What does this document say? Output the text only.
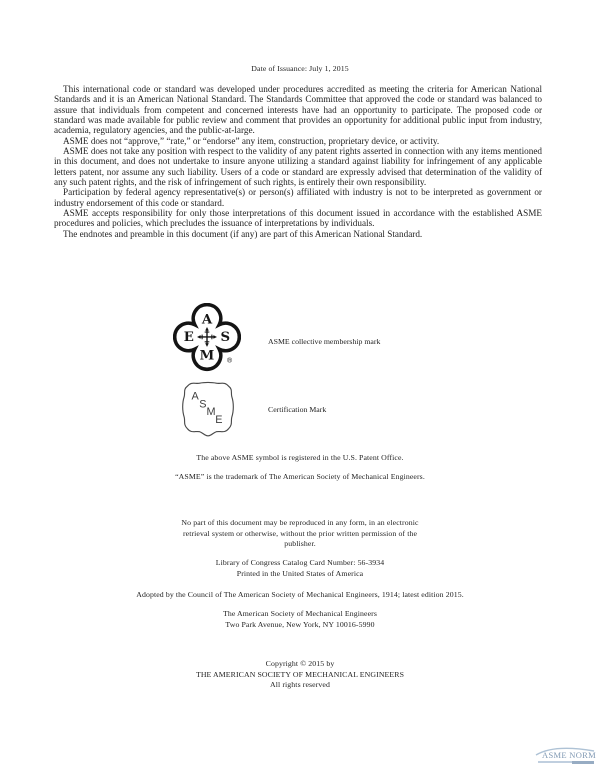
Date of Issuance: July 1, 2015

This international code or standard was developed under procedures accredited as meeting the criteria for American National Standards and it is an American National Standard. The Standards Committee that approved the code or standard was balanced to assure that individuals from competent and concerned interests have had an opportunity to participate. The proposed code or standard was made available for public review and comment that provides an opportunity for additional public input from industry, academia, regulatory agencies, and the public-at-large.

ASME does not “approve,” “rate,” or “endorse” any item, construction, proprietary device, or activity.

ASME does not take any position with respect to the validity of any patent rights asserted in connection with any items mentioned in this document, and does not undertake to insure anyone utilizing a standard against liability for infringement of any applicable letters patent, nor assume any such liability. Users of a code or standard are expressly advised that determination of the validity of any such patent rights, and the risk of infringement of such rights, is entirely their own responsibility.

Participation by federal agency representative(s) or person(s) affiliated with industry is not to be interpreted as government or industry endorsement of this code or standard.

ASME accepts responsibility for only those interpretations of this document issued in accordance with the established ASME procedures and policies, which precludes the issuance of interpretations by individuals.

The endnotes and preamble in this document (if any) are part of this American National Standard.

A
E S
M ®
ASME collective membership mark
A
S
M
E
Certification Mark
The above ASME symbol is registered in the U.S. Patent Office.
“ASME” is the trademark of The American Society of Mechanical Engineers.
No part of this document may be reproduced in any form, in an electronic
retrieval system or otherwise, without the prior written permission of the
publisher.
Library of Congress Catalog Card Number: 56-3934
Printed in the United States of America
Adopted by the Council of The American Society of Mechanical Engineers, 1914; latest edition 2015.
The American Society of Mechanical Engineers
Two Park Avenue, New York, NY 10016-5990
Copyright © 2015 by
THE AMERICAN SOCIETY OF MECHANICAL ENGINEERS
All rights reserved
ASME NORM
